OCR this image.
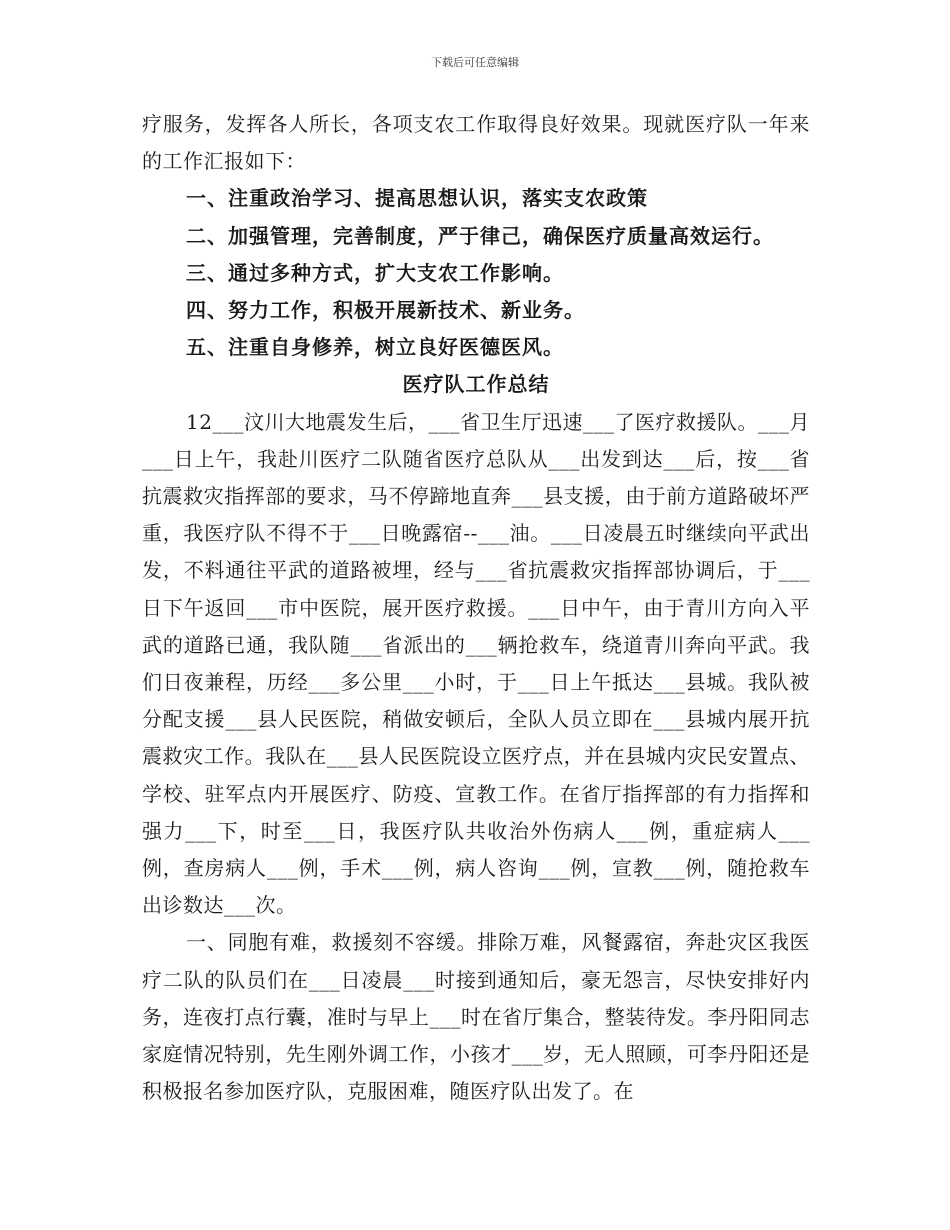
下载后可任意编辑

疗服务，发挥各人所长，各项支农工作取得良好效果。现就医疗队一年来的工作汇报如下：

一、注重政治学习、提高思想认识，落实支农政策

二、加强管理，完善制度，严于律己，确保医疗质量高效运行。

三、通过多种方式，扩大支农工作影响。

四、努力工作，积极开展新技术、新业务。

五、注重自身修养，树立良好医德医风。

医疗队工作总结

12___汶川大地震发生后，___省卫生厅迅速___了医疗救援队。___月___日上午，我赴川医疗二队随省医疗总队从___出发到达___后，按___省抗震救灾指挥部的要求，马不停蹄地直奔___县支援，由于前方道路破坏严重，我医疗队不得不于___日晚露宿--___油。___日凌晨五时继续向平武出发，不料通往平武的道路被埋，经与___省抗震救灾指挥部协调后，于___日下午返回___市中医院，展开医疗救援。___日中午，由于青川方向入平武的道路已通，我队随___省派出的___辆抢救车，绕道青川奔向平武。我们日夜兼程，历经___多公里___小时，于___日上午抵达___县城。我队被分配支援___县人民医院，稍做安顿后，全队人员立即在___县城内展开抗震救灾工作。我队在___县人民医院设立医疗点，并在县城内灾民安置点、学校、驻军点内开展医疗、防疫、宣教工作。在省厅指挥部的有力指挥和强力___下，时至___日，我医疗队共收治外伤病人___例，重症病人___例，查房病人___例，手术___例，病人咨询___例，宣教___例，随抢救车出诊数达___次。

一、同胞有难，救援刻不容缓。排除万难，风餐露宿，奔赴灾区我医疗二队的队员们在___日凌晨___时接到通知后，豪无怨言，尽快安排好内务，连夜打点行囊，准时与早上___时在省厅集合，整装待发。李丹阳同志家庭情况特别，先生刚外调工作，小孩才___岁，无人照顾，可李丹阳还是积极报名参加医疗队，克服困难，随医疗队出发了。在
